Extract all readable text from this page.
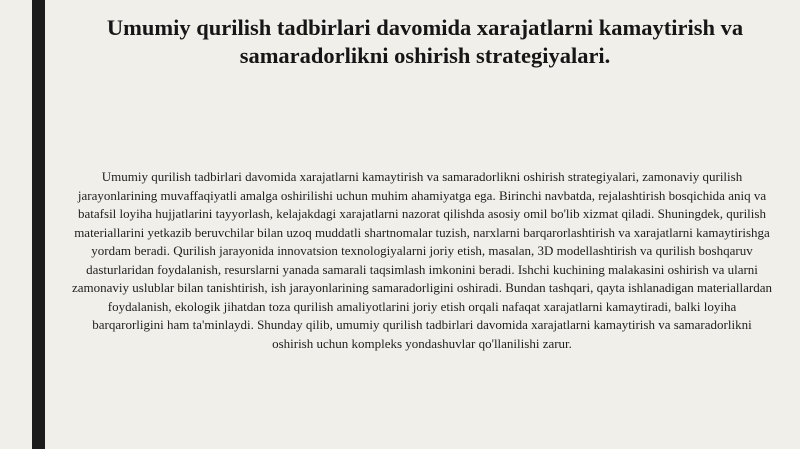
Umumiy qurilish tadbirlari davomida xarajatlarni kamaytirish va samaradorlikni oshirish strategiyalari.

Umumiy qurilish tadbirlari davomida xarajatlarni kamaytirish va samaradorlikni oshirish strategiyalari, zamonaviy qurilish jarayonlarining muvaffaqiyatli amalga oshirilishi uchun muhim ahamiyatga ega. Birinchi navbatda, rejalashtirish bosqichida aniq va batafsil loyiha hujjatlarini tayyorlash, kelajakdagi xarajatlarni nazorat qilishda asosiy omil bo'lib xizmat qiladi. Shuningdek, qurilish materiallarini yetkazib beruvchilar bilan uzoq muddatli shartnomalar tuzish, narxlarni barqarorlashtirish va xarajatlarni kamaytirishga yordam beradi. Qurilish jarayonida innovatsion texnologiyalarni joriy etish, masalan, 3D modellashtirish va qurilish boshqaruv dasturlaridan foydalanish, resurslarni yanada samarali taqsimlash imkonini beradi. Ishchi kuchining malakasini oshirish va ularni zamonaviy uslublar bilan tanishtirish, ish jarayonlarining samaradorligini oshiradi. Bundan tashqari, qayta ishlanadigan materiallardan foydalanish, ekologik jihatdan toza qurilish amaliyotlarini joriy etish orqali nafaqat xarajatlarni kamaytiradi, balki loyiha barqarorligini ham ta'minlaydi. Shunday qilib, umumiy qurilish tadbirlari davomida xarajatlarni kamaytirish va samaradorlikni oshirish uchun kompleks yondashuvlar qo'llanilishi zarur.
